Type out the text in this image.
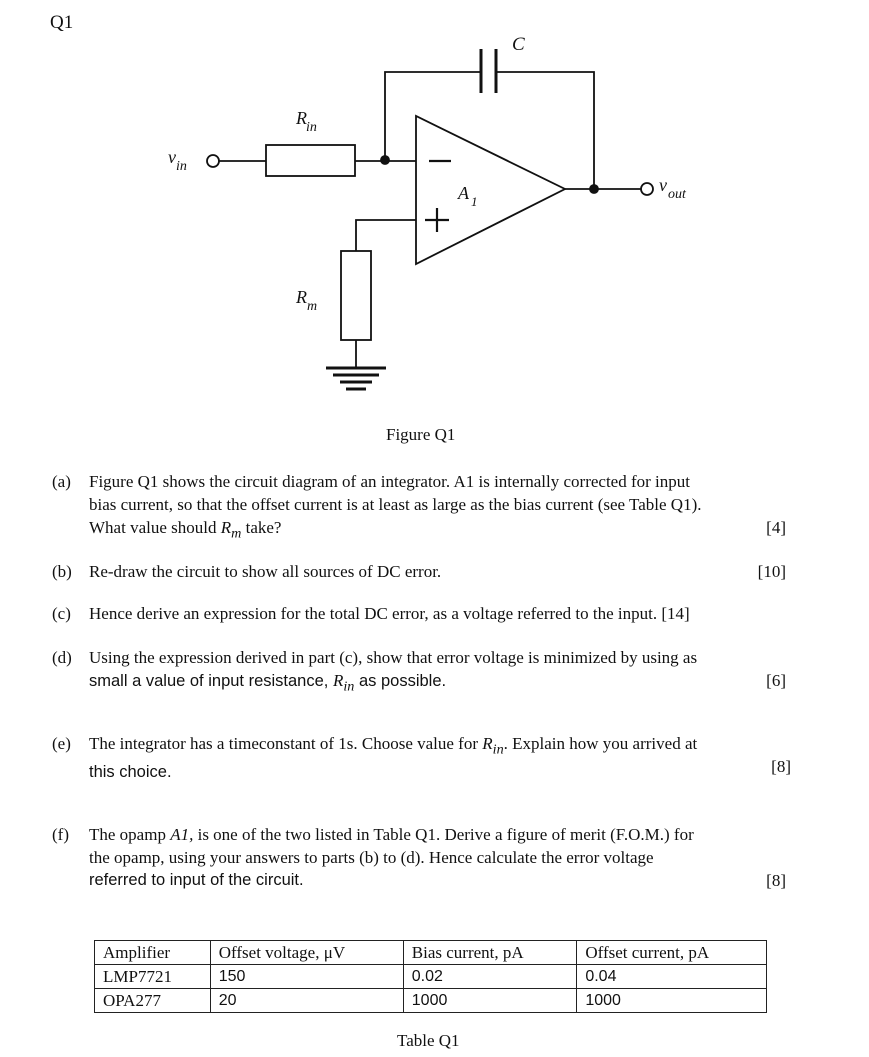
Q1
C
v in
R in
A 1
v out
R m
Figure Q1
(a) Figure Q1 shows the circuit diagram of an integrator. A1 is internally corrected for input
bias current, so that the offset current is at least as large as the bias current (see Table Q1).
What value should $R_m$ take?	[4]
(b) Re-draw the circuit to show all sources of DC error.	[10]
(c) Hence derive an expression for the total DC error, as a voltage referred to the input. [14]
(d) Using the expression derived in part (c), show that error voltage is minimized by using as
small a value of input resistance, $R_{in}$ as possible.	[6]
(e) The integrator has a timeconstant of 1s. Choose value for $R_{in}$. Explain how you arrived at
this choice.	[8]
(f) The opamp A1, is one of the two listed in Table Q1. Derive a figure of merit (F.O.M.) for
the opamp, using your answers to parts (b) to (d). Hence calculate the error voltage
referred to input of the circuit.	[8]
Amplifier	Offset voltage, μV	Bias current, pA	Offset current, pA
LMP7721	150	0.02	0.04
OPA277	20	1000	1000
Table Q1
